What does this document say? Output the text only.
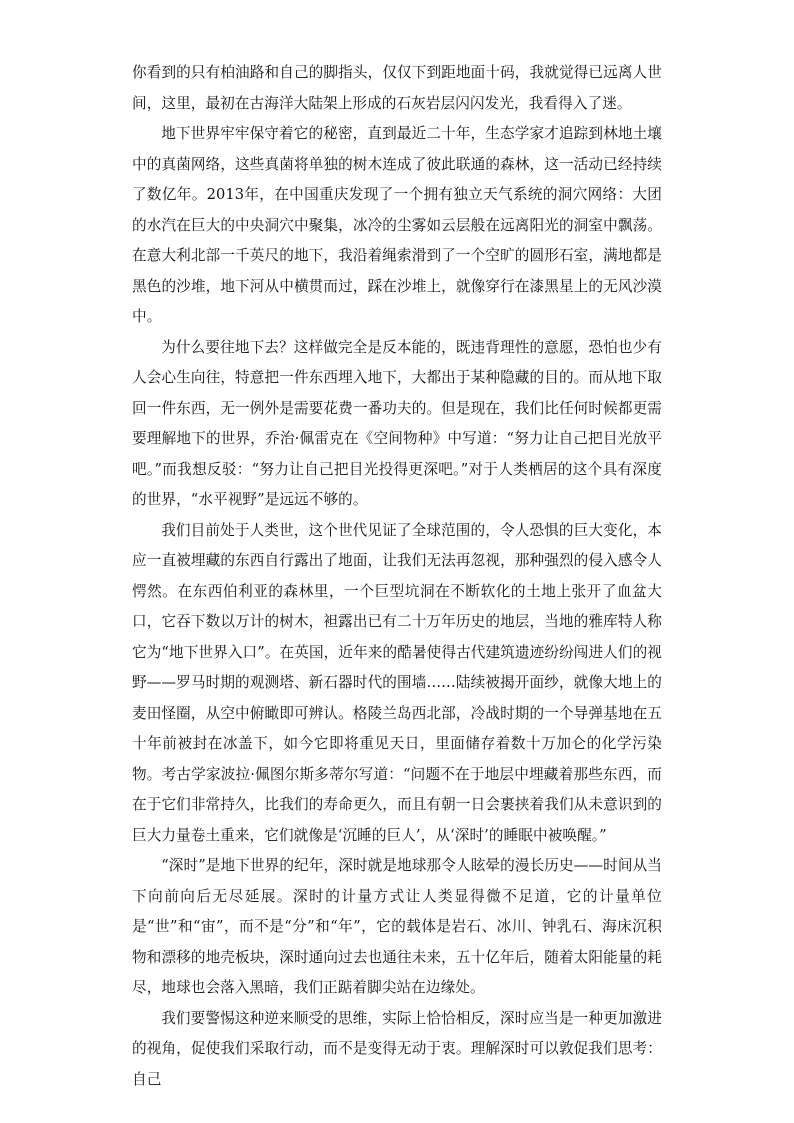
你看到的只有柏油路和自己的脚指头，仅仅下到距地面十码，我就觉得已远离人世间，这里，最初在古海洋大陆架上形成的石灰岩层闪闪发光，我看得入了迷。

地下世界牢牢保守着它的秘密，直到最近二十年，生态学家才追踪到林地土壤中的真菌网络，这些真菌将单独的树木连成了彼此联通的森林，这一活动已经持续了数亿年。2013年，在中国重庆发现了一个拥有独立天气系统的洞穴网络：大团的水汽在巨大的中央洞穴中聚集，冰冷的尘雾如云层般在远离阳光的洞室中飘荡。在意大利北部一千英尺的地下，我沿着绳索滑到了一个空旷的圆形石室，满地都是黑色的沙堆，地下河从中横贯而过，踩在沙堆上，就像穿行在漆黑星上的无风沙漠中。

为什么要往地下去？这样做完全是反本能的，既违背理性的意愿，恐怕也少有人会心生向往，特意把一件东西埋入地下，大都出于某种隐藏的目的。而从地下取回一件东西，无一例外是需要花费一番功夫的。但是现在，我们比任何时候都更需要理解地下的世界，乔治·佩雷克在《空间物种》中写道：“努力让自己把目光放平吧。”而我想反驳：“努力让自己把目光投得更深吧。”对于人类栖居的这个具有深度的世界，“水平视野”是远远不够的。

我们目前处于人类世，这个世代见证了全球范围的，令人恐惧的巨大变化，本应一直被埋藏的东西自行露出了地面，让我们无法再忽视，那种强烈的侵入感令人愕然。在东西伯利亚的森林里，一个巨型坑洞在不断软化的土地上张开了血盆大口，它吞下数以万计的树木，袒露出已有二十万年历史的地层，当地的雅库特人称它为“地下世界入口”。在英国，近年来的酷暑使得古代建筑遗迹纷纷闯进人们的视野——罗马时期的观测塔、新石器时代的围墙……陆续被揭开面纱，就像大地上的麦田怪圈，从空中俯瞰即可辨认。格陵兰岛西北部，冷战时期的一个导弹基地在五十年前被封在冰盖下，如今它即将重见天日，里面储存着数十万加仑的化学污染物。考古学家波拉·佩图尔斯多蒂尔写道：“问题不在于地层中埋藏着那些东西，而在于它们非常持久，比我们的寿命更久，而且有朝一日会裹挟着我们从未意识到的巨大力量卷土重来，它们就像是‘沉睡的巨人’，从‘深时’的睡眠中被唤醒。”

“深时”是地下世界的纪年，深时就是地球那令人眩晕的漫长历史——时间从当下向前向后无尽延展。深时的计量方式让人类显得微不足道，它的计量单位是“世”和“宙”，而不是“分”和“年”，它的载体是岩石、冰川、钟乳石、海床沉积物和漂移的地壳板块，深时通向过去也通往未来，五十亿年后，随着太阳能量的耗尽，地球也会落入黑暗，我们正踮着脚尖站在边缘处。

我们要警惕这种逆来顺受的思维，实际上恰恰相反，深时应当是一种更加激进的视角，促使我们采取行动，而不是变得无动于衷。理解深时可以敦促我们思考：自己
